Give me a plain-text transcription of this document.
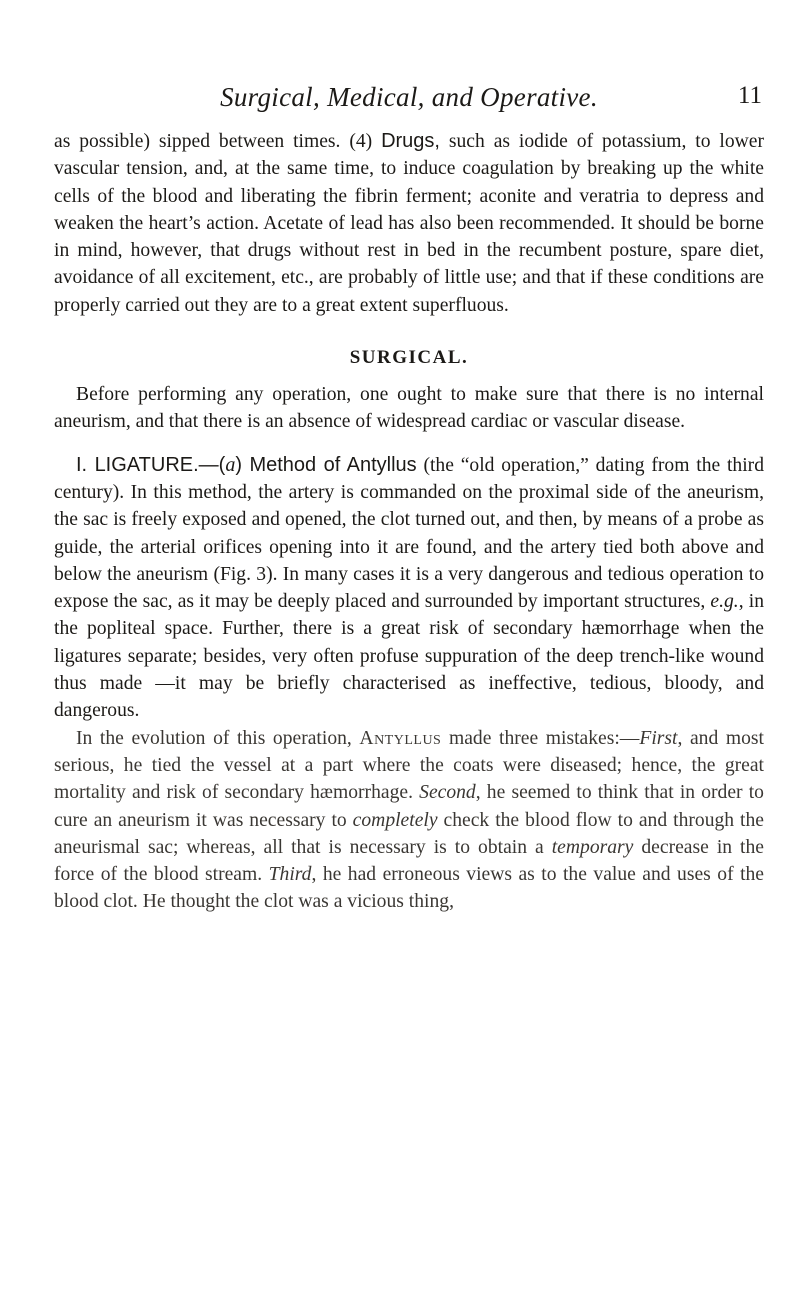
Surgical, Medical, and Operative.	11

as possible) sipped between times. (4) Drugs, such as iodide of potassium, to lower vascular tension, and, at the same time, to induce coagulation by breaking up the white cells of the blood and liberating the fibrin ferment; aconite and veratria to depress and weaken the heart’s action. Acetate of lead has also been recommended. It should be borne in mind, however, that drugs without rest in bed in the recumbent posture, spare diet, avoidance of all excitement, etc., are probably of little use; and that if these conditions are properly carried out they are to a great extent superfluous.

SURGICAL.

Before performing any operation, one ought to make sure that there is no internal aneurism, and that there is an absence of widespread cardiac or vascular disease.

I. LIGATURE.—(a) Method of Antyllus (the “old operation,” dating from the third century). In this method, the artery is commanded on the proximal side of the aneurism, the sac is freely exposed and opened, the clot turned out, and then, by means of a probe as guide, the arterial orifices opening into it are found, and the artery tied both above and below the aneurism (Fig. 3). In many cases it is a very dangerous and tedious operation to expose the sac, as it may be deeply placed and surrounded by important structures, e.g., in the popliteal space. Further, there is a great risk of secondary hæmorrhage when the ligatures separate; besides, very often profuse suppuration of the deep trench-like wound thus made —it may be briefly characterised as ineffective, tedious, bloody, and dangerous.

In the evolution of this operation, Antyllus made three mistakes:—First, and most serious, he tied the vessel at a part where the coats were diseased; hence, the great mortality and risk of secondary hæmorrhage. Second, he seemed to think that in order to cure an aneurism it was necessary to completely check the blood flow to and through the aneurismal sac; whereas, all that is necessary is to obtain a temporary decrease in the force of the blood stream. Third, he had erroneous views as to the value and uses of the blood clot. He thought the clot was a vicious thing,
